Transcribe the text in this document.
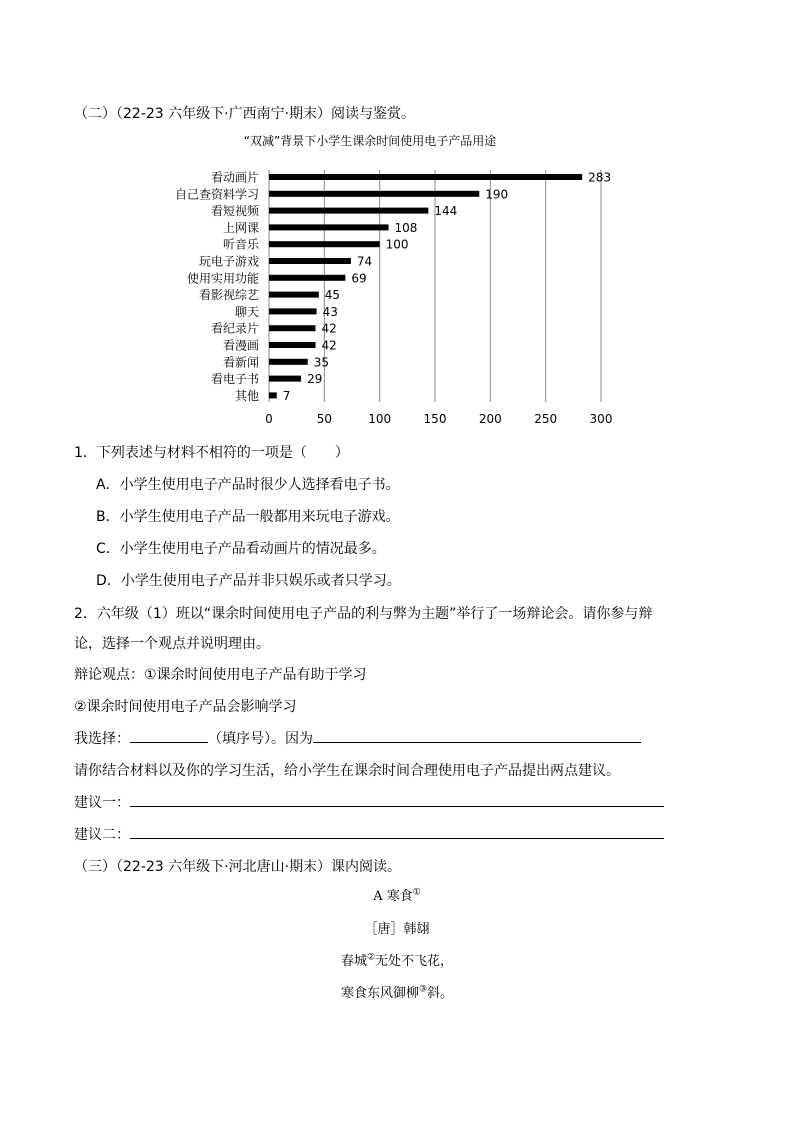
（二）（22-23 六年级下·广西南宁·期末）阅读与鉴赏。
“双减”背景下小学生课余时间使用电子产品用途
0	50	100	150	200	250	300
看动画片	283
自己查资料学习	190
看短视频	144
上网课	108
听音乐	100
玩电子游戏	74
使用实用功能	69
看影视综艺	45
聊天	43
看纪录片	42
看漫画	42
看新闻	35
看电子书	29
其他 7
1．下列表述与材料不相符的一项是（　　）
A．小学生使用电子产品时很少人选择看电子书。
B．小学生使用电子产品一般都用来玩电子游戏。
C．小学生使用电子产品看动画片的情况最多。
D．小学生使用电子产品并非只娱乐或者只学习。
2．六年级（1）班以“课余时间使用电子产品的利与弊为主题”举行了一场辩论会。请你参与辩
论，选择一个观点并说明理由。
辩论观点：①课余时间使用电子产品有助于学习
②课余时间使用电子产品会影响学习
我选择：	（填序号）。因为
请你结合材料以及你的学习生活，给小学生在课余时间合理使用电子产品提出两点建议。
建议一：
建议二：
（三）（22-23 六年级下·河北唐山·期末）课内阅读。
A 寒食①
［唐］韩翃
春城②无处不飞花，
寒食东风御柳③斜。
